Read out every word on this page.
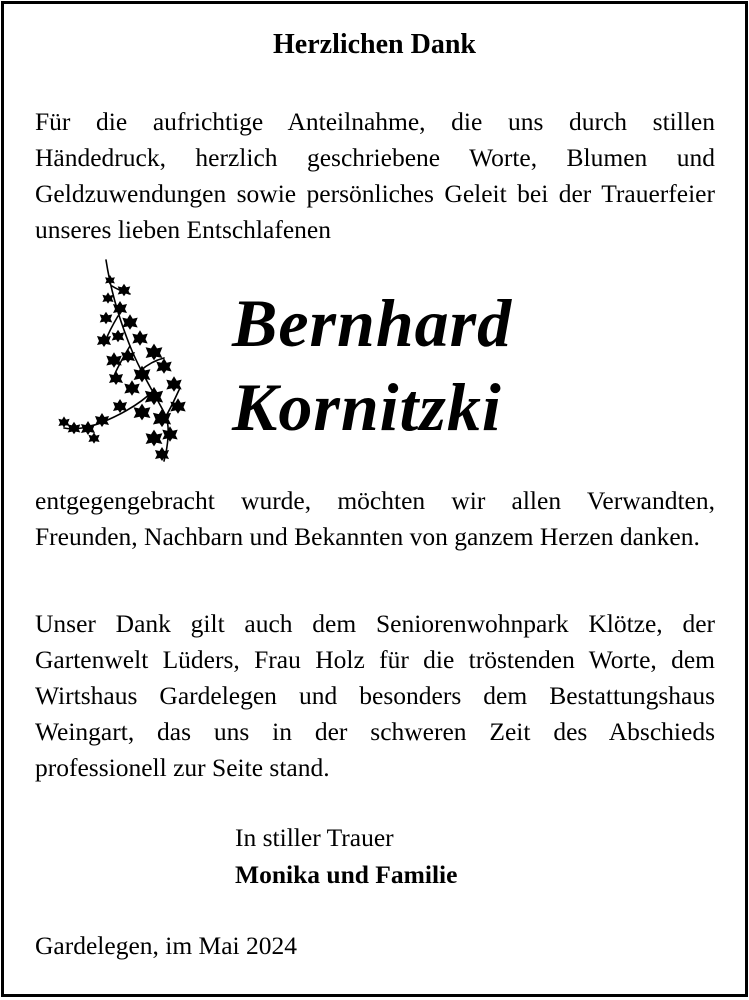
Herzlichen Dank

Für die aufrichtige Anteilnahme, die uns durch stillen Händedruck, herzlich geschriebene Worte, Blumen und Geldzuwendungen sowie persönliches Geleit bei der Trauerfeier unseres lieben Entschlafenen

Bernhard
Kornitzki

entgegengebracht wurde, möchten wir allen Verwandten, Freunden, Nachbarn und Bekannten von ganzem Herzen danken.

Unser Dank gilt auch dem Seniorenwohnpark Klötze, der Gartenwelt Lüders, Frau Holz für die tröstenden Worte, dem Wirtshaus Gardelegen und besonders dem Bestattungshaus Weingart, das uns in der schweren Zeit des Abschieds professionell zur Seite stand.

In stiller Trauer
Monika und Familie
Gardelegen, im Mai 2024
